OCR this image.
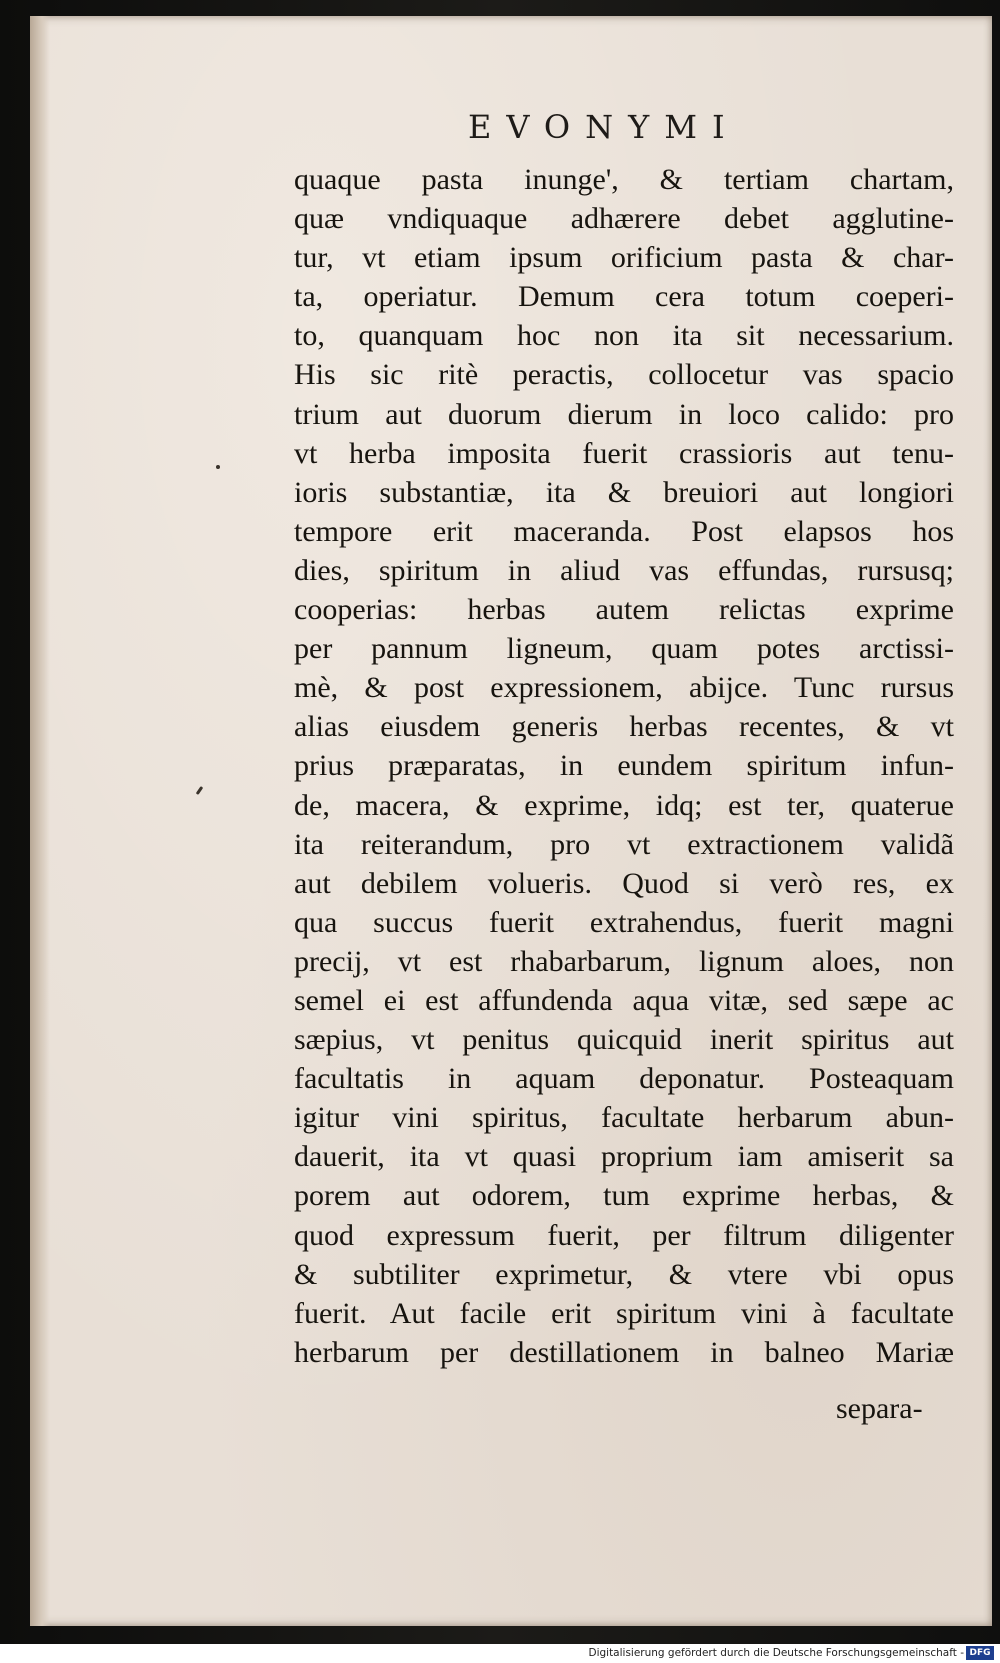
EVONYMI
quaque pasta inunge', & tertiam chartam,
quæ vndiquaque adhærere debet agglutine-
tur, vt etiam ipsum orificium pasta & char-
ta, operiatur. Demum cera totum coeperi-
to, quanquam hoc non ita sit necessarium.
His sic ritè peractis, collocetur vas spacio
trium aut duorum dierum in loco calido: pro
vt herba imposita fuerit crassioris aut tenu-
ioris substantiæ, ita & breuiori aut longiori
tempore erit maceranda. Post elapsos hos
dies, spiritum in aliud vas effundas, rursusq;
cooperias: herbas autem relictas exprime
per pannum ligneum, quam potes arctissi-
mè, & post expressionem, abijce. Tunc rursus
alias eiusdem generis herbas recentes, & vt
prius præparatas, in eundem spiritum infun-
de, macera, & exprime, idq; est ter, quaterue
ita reiterandum, pro vt extractionem validã
aut debilem volueris. Quod si verò res, ex
qua succus fuerit extrahendus, fuerit magni
precij, vt est rhabarbarum, lignum aloes, non
semel ei est affundenda aqua vitæ, sed sæpe ac
sæpius, vt penitus quicquid inerit spiritus aut
facultatis in aquam deponatur. Posteaquam
igitur vini spiritus, facultate herbarum abun-
dauerit, ita vt quasi proprium iam amiserit sa
porem aut odorem, tum exprime herbas, &
quod expressum fuerit, per filtrum diligenter
& subtiliter exprimetur, & vtere vbi opus
fuerit. Aut facile erit spiritum vini à facultate
herbarum per destillationem in balneo Mariæ
separa-
Digitalisierung gefördert durch die Deutsche Forschungsgemeinschaft - DFG
